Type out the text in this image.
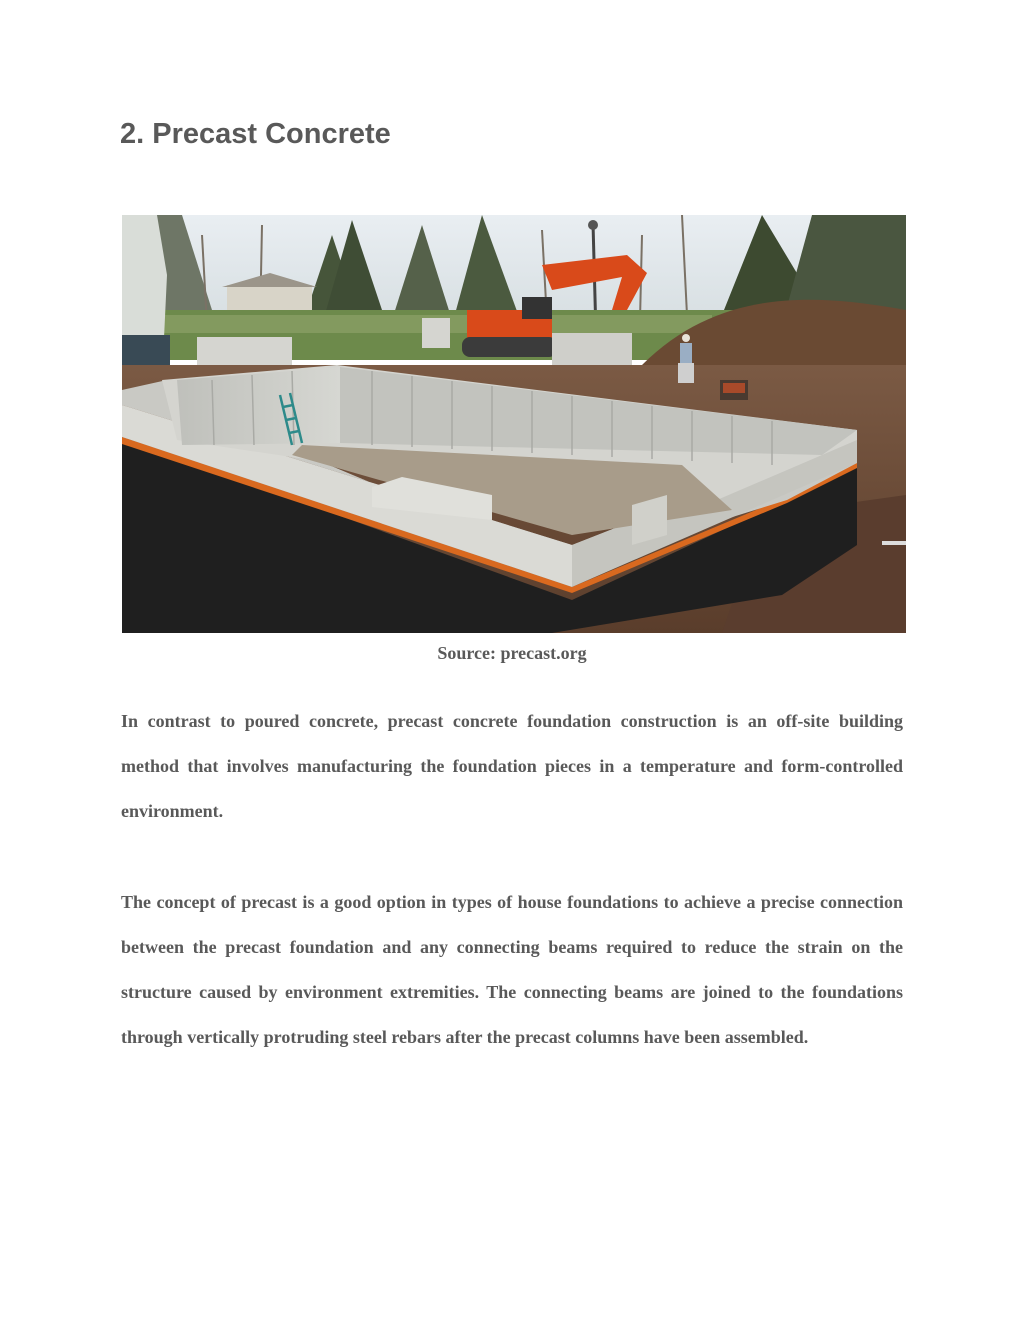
2. Precast Concrete
Source: precast.org

In contrast to poured concrete, precast concrete foundation construction is an off-site building method that involves manufacturing the foundation pieces in a temperature and form-controlled environment.

The concept of precast is a good option in types of house foundations to achieve a precise connection between the precast foundation and any connecting beams required to reduce the strain on the structure caused by environment extremities. The connecting beams are joined to the foundations through vertically protruding steel rebars after the precast columns have been assembled.
